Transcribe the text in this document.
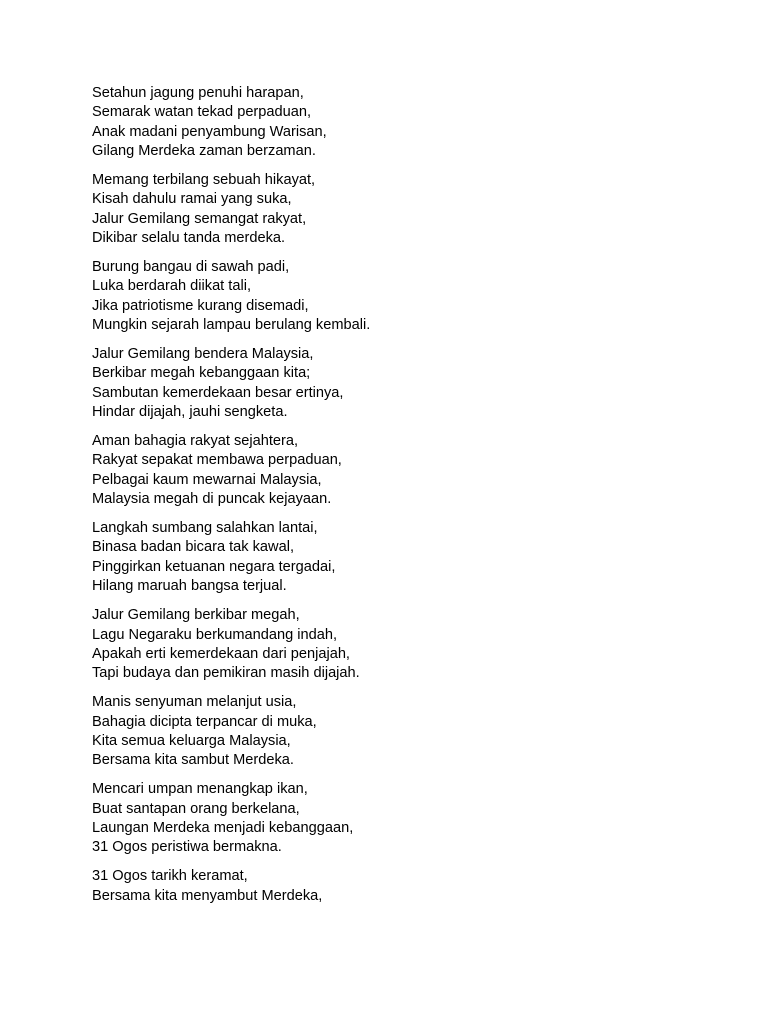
Setahun jagung penuhi harapan,
Semarak watan tekad perpaduan,
Anak madani penyambung Warisan,
Gilang Merdeka zaman berzaman.
Memang terbilang sebuah hikayat,
Kisah dahulu ramai yang suka,
Jalur Gemilang semangat rakyat,
Dikibar selalu tanda merdeka.
Burung bangau di sawah padi,
Luka berdarah diikat tali,
Jika patriotisme kurang disemadi,
Mungkin sejarah lampau berulang kembali.
Jalur Gemilang bendera Malaysia,
Berkibar megah kebanggaan kita;
Sambutan kemerdekaan besar ertinya,
Hindar dijajah, jauhi sengketa.
Aman bahagia rakyat sejahtera,
Rakyat sepakat membawa perpaduan,
Pelbagai kaum mewarnai Malaysia,
Malaysia megah di puncak kejayaan.
Langkah sumbang salahkan lantai,
Binasa badan bicara tak kawal,
Pinggirkan ketuanan negara tergadai,
Hilang maruah bangsa terjual.
Jalur Gemilang berkibar megah,
Lagu Negaraku berkumandang indah,
Apakah erti kemerdekaan dari penjajah,
Tapi budaya dan pemikiran masih dijajah.
Manis senyuman melanjut usia,
Bahagia dicipta terpancar di muka,
Kita semua keluarga Malaysia,
Bersama kita sambut Merdeka.
Mencari umpan menangkap ikan,
Buat santapan orang berkelana,
Laungan Merdeka menjadi kebanggaan,
31 Ogos peristiwa bermakna.
31 Ogos tarikh keramat,
Bersama kita menyambut Merdeka,
